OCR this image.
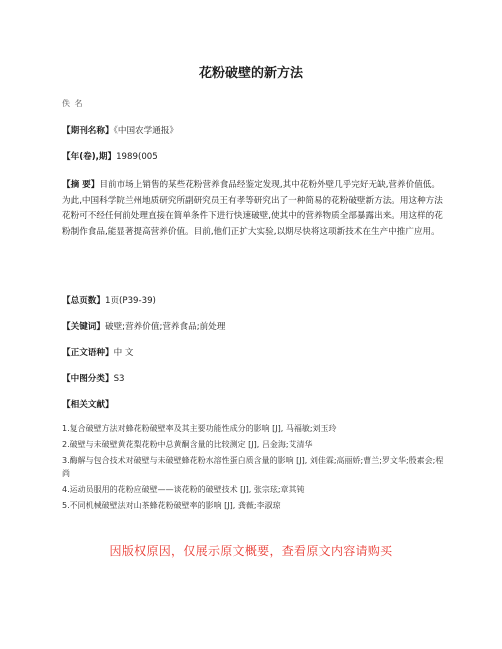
花粉破壁的新方法
佚 名
【期刊名称】《中国农学通报》
【年(卷),期】1989(005
【摘 要】目前市场上销售的某些花粉营养食品经鉴定发现,其中花粉外壁几乎完好无缺,营养价值低。为此,中国科学院兰州地质研究所副研究员王有孝等研究出了一种简易的花粉破壁新方法。用这种方法花粉可不经任何前处理直接在简单条件下进行快速破壁,使其中的营养物质全部暴露出来。用这样的花粉制作食品,能显著提高营养价值。目前,他们正扩大实验,以期尽快将这项新技术在生产中推广应用。
【总页数】1页(P39-39)
【关键词】破壁;营养价值;营养食品;前处理
【正文语种】中 文
【中图分类】S3
【相关文献】
1.复合破壁方法对蜂花粉破壁率及其主要功能性成分的影响 [J], 马福敏;刘玉玲
2.破壁与未破壁黄花梨花粉中总黄酮含量的比较测定 [J], 吕金海;艾清华
3.酶解与包合技术对破壁与未破壁蜂花粉水溶性蛋白质含量的影响 [J], 刘佳霖;高丽娇;曹兰;罗文华;殷素会;程尚
4.运动员服用的花粉应破壁——谈花粉的破壁技术 [J], 张宗玹;章其钝
5.不同机械破壁法对山茶蜂花粉破壁率的影响 [J], 龚薇;李淑琼
因版权原因，仅展示原文概要，查看原文内容请购买
